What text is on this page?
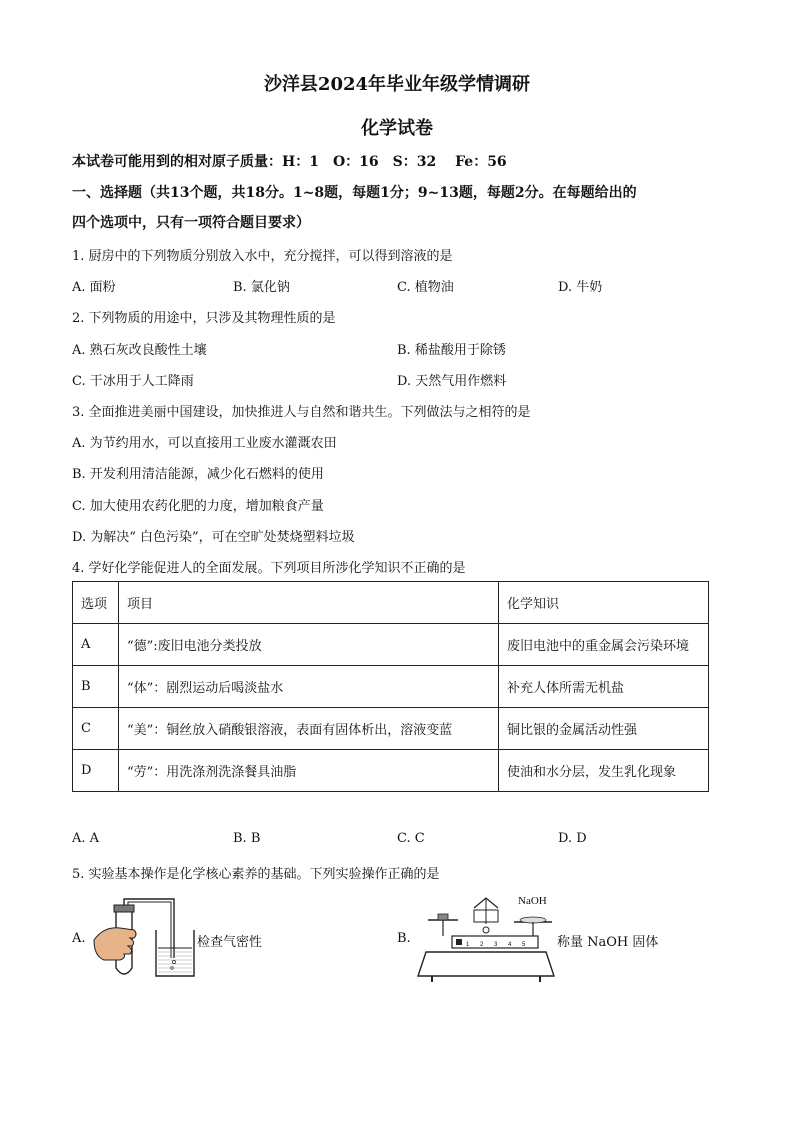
沙洋县2024年毕业年级学情调研
化学试卷
本试卷可能用到的相对原子质量：H：1　O：16　S：32　 Fe：56
一、选择题（共13个题，共18分。1~8题，每题1分；9~13题，每题2分。在每题给出的
四个选项中，只有一项符合题目要求）
1. 厨房中的下列物质分别放入水中，充分搅拌，可以得到溶液的是
A. 面粉	B. 氯化钠	C. 植物油	D. 牛奶
2. 下列物质的用途中，只涉及其物理性质的是
A. 熟石灰改良酸性土壤	B. 稀盐酸用于除锈
C. 干冰用于人工降雨	D. 天然气用作燃料
3. 全面推进美丽中国建设，加快推进人与自然和谐共生。下列做法与之相符的是
A. 为节约用水，可以直接用工业废水灌溉农田
B. 开发利用清洁能源，减少化石燃料的使用
C. 加大使用农药化肥的力度，增加粮食产量
D. 为解决“ 白色污染”，可在空旷处焚烧塑料垃圾
4. 学好化学能促进人的全面发展。下列项目所涉化学知识不正确的是
选项	项目	化学知识
A	“德”:废旧电池分类投放	废旧电池中的重金属会污染环境
B	“体”：剧烈运动后喝淡盐水	补充人体所需无机盐
C	“美”：铜丝放入硝酸银溶液，表面有固体析出，溶液变蓝	铜比银的金属活动性强
D	“劳”：用洗涤剂洗涤餐具油脂	使油和水分层，发生乳化现象
A. A	B. B	C. C	D. D
5. 实验基本操作是化学核心素养的基础。下列实验操作正确的是
A.	检查气密性	B.
NaOH
1 2 3 4 5 称量 NaOH 固体
